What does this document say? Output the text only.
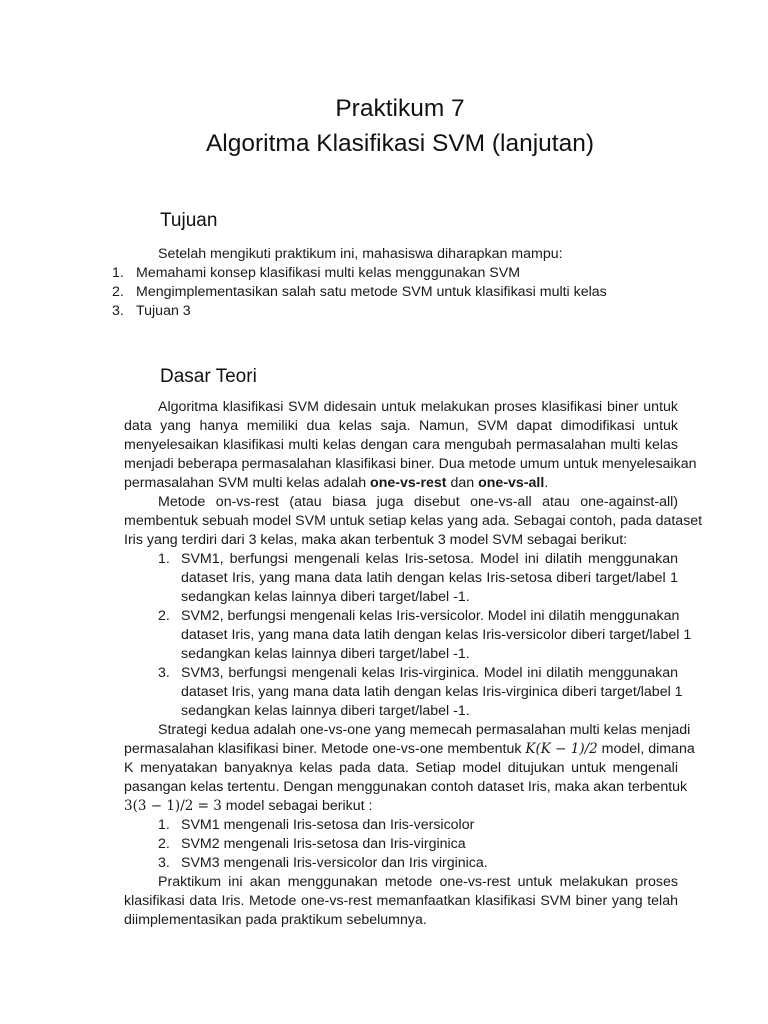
Praktikum 7
Algoritma Klasifikasi SVM (lanjutan)
Tujuan
Setelah mengikuti praktikum ini, mahasiswa diharapkan mampu:
1. Memahami konsep klasifikasi multi kelas menggunakan SVM
2. Mengimplementasikan salah satu metode SVM untuk klasifikasi multi kelas
3. Tujuan 3
Dasar Teori
Algoritma klasifikasi SVM didesain untuk melakukan proses klasifikasi biner untuk
data yang hanya memiliki dua kelas saja. Namun, SVM dapat dimodifikasi untuk
menyelesaikan klasifikasi multi kelas dengan cara mengubah permasalahan multi kelas
menjadi beberapa permasalahan klasifikasi biner. Dua metode umum untuk menyelesaikan
permasalahan SVM multi kelas adalah one-vs-rest dan one-vs-all.
Metode on-vs-rest (atau biasa juga disebut one-vs-all atau one-against-all)
membentuk sebuah model SVM untuk setiap kelas yang ada. Sebagai contoh, pada dataset
Iris yang terdiri dari 3 kelas, maka akan terbentuk 3 model SVM sebagai berikut:
1. SVM1, berfungsi mengenali kelas Iris-setosa. Model ini dilatih menggunakan
dataset Iris, yang mana data latih dengan kelas Iris-setosa diberi target/label 1
sedangkan kelas lainnya diberi target/label -1.
2. SVM2, berfungsi mengenali kelas Iris-versicolor. Model ini dilatih menggunakan
dataset Iris, yang mana data latih dengan kelas Iris-versicolor diberi target/label 1
sedangkan kelas lainnya diberi target/label -1.
3. SVM3, berfungsi mengenali kelas Iris-virginica. Model ini dilatih menggunakan
dataset Iris, yang mana data latih dengan kelas Iris-virginica diberi target/label 1
sedangkan kelas lainnya diberi target/label -1.
Strategi kedua adalah one-vs-one yang memecah permasalahan multi kelas menjadi
permasalahan klasifikasi biner. Metode one-vs-one membentuk K(K − 1)/2 model, dimana
K menyatakan banyaknya kelas pada data. Setiap model ditujukan untuk mengenali
pasangan kelas tertentu. Dengan menggunakan contoh dataset Iris, maka akan terbentuk
3(3 − 1)/2 = 3 model sebagai berikut :
1. SVM1 mengenali Iris-setosa dan Iris-versicolor
2. SVM2 mengenali Iris-setosa dan Iris-virginica
3. SVM3 mengenali Iris-versicolor dan Iris virginica.
Praktikum ini akan menggunakan metode one-vs-rest untuk melakukan proses
klasifikasi data Iris. Metode one-vs-rest memanfaatkan klasifikasi SVM biner yang telah
diimplementasikan pada praktikum sebelumnya.
